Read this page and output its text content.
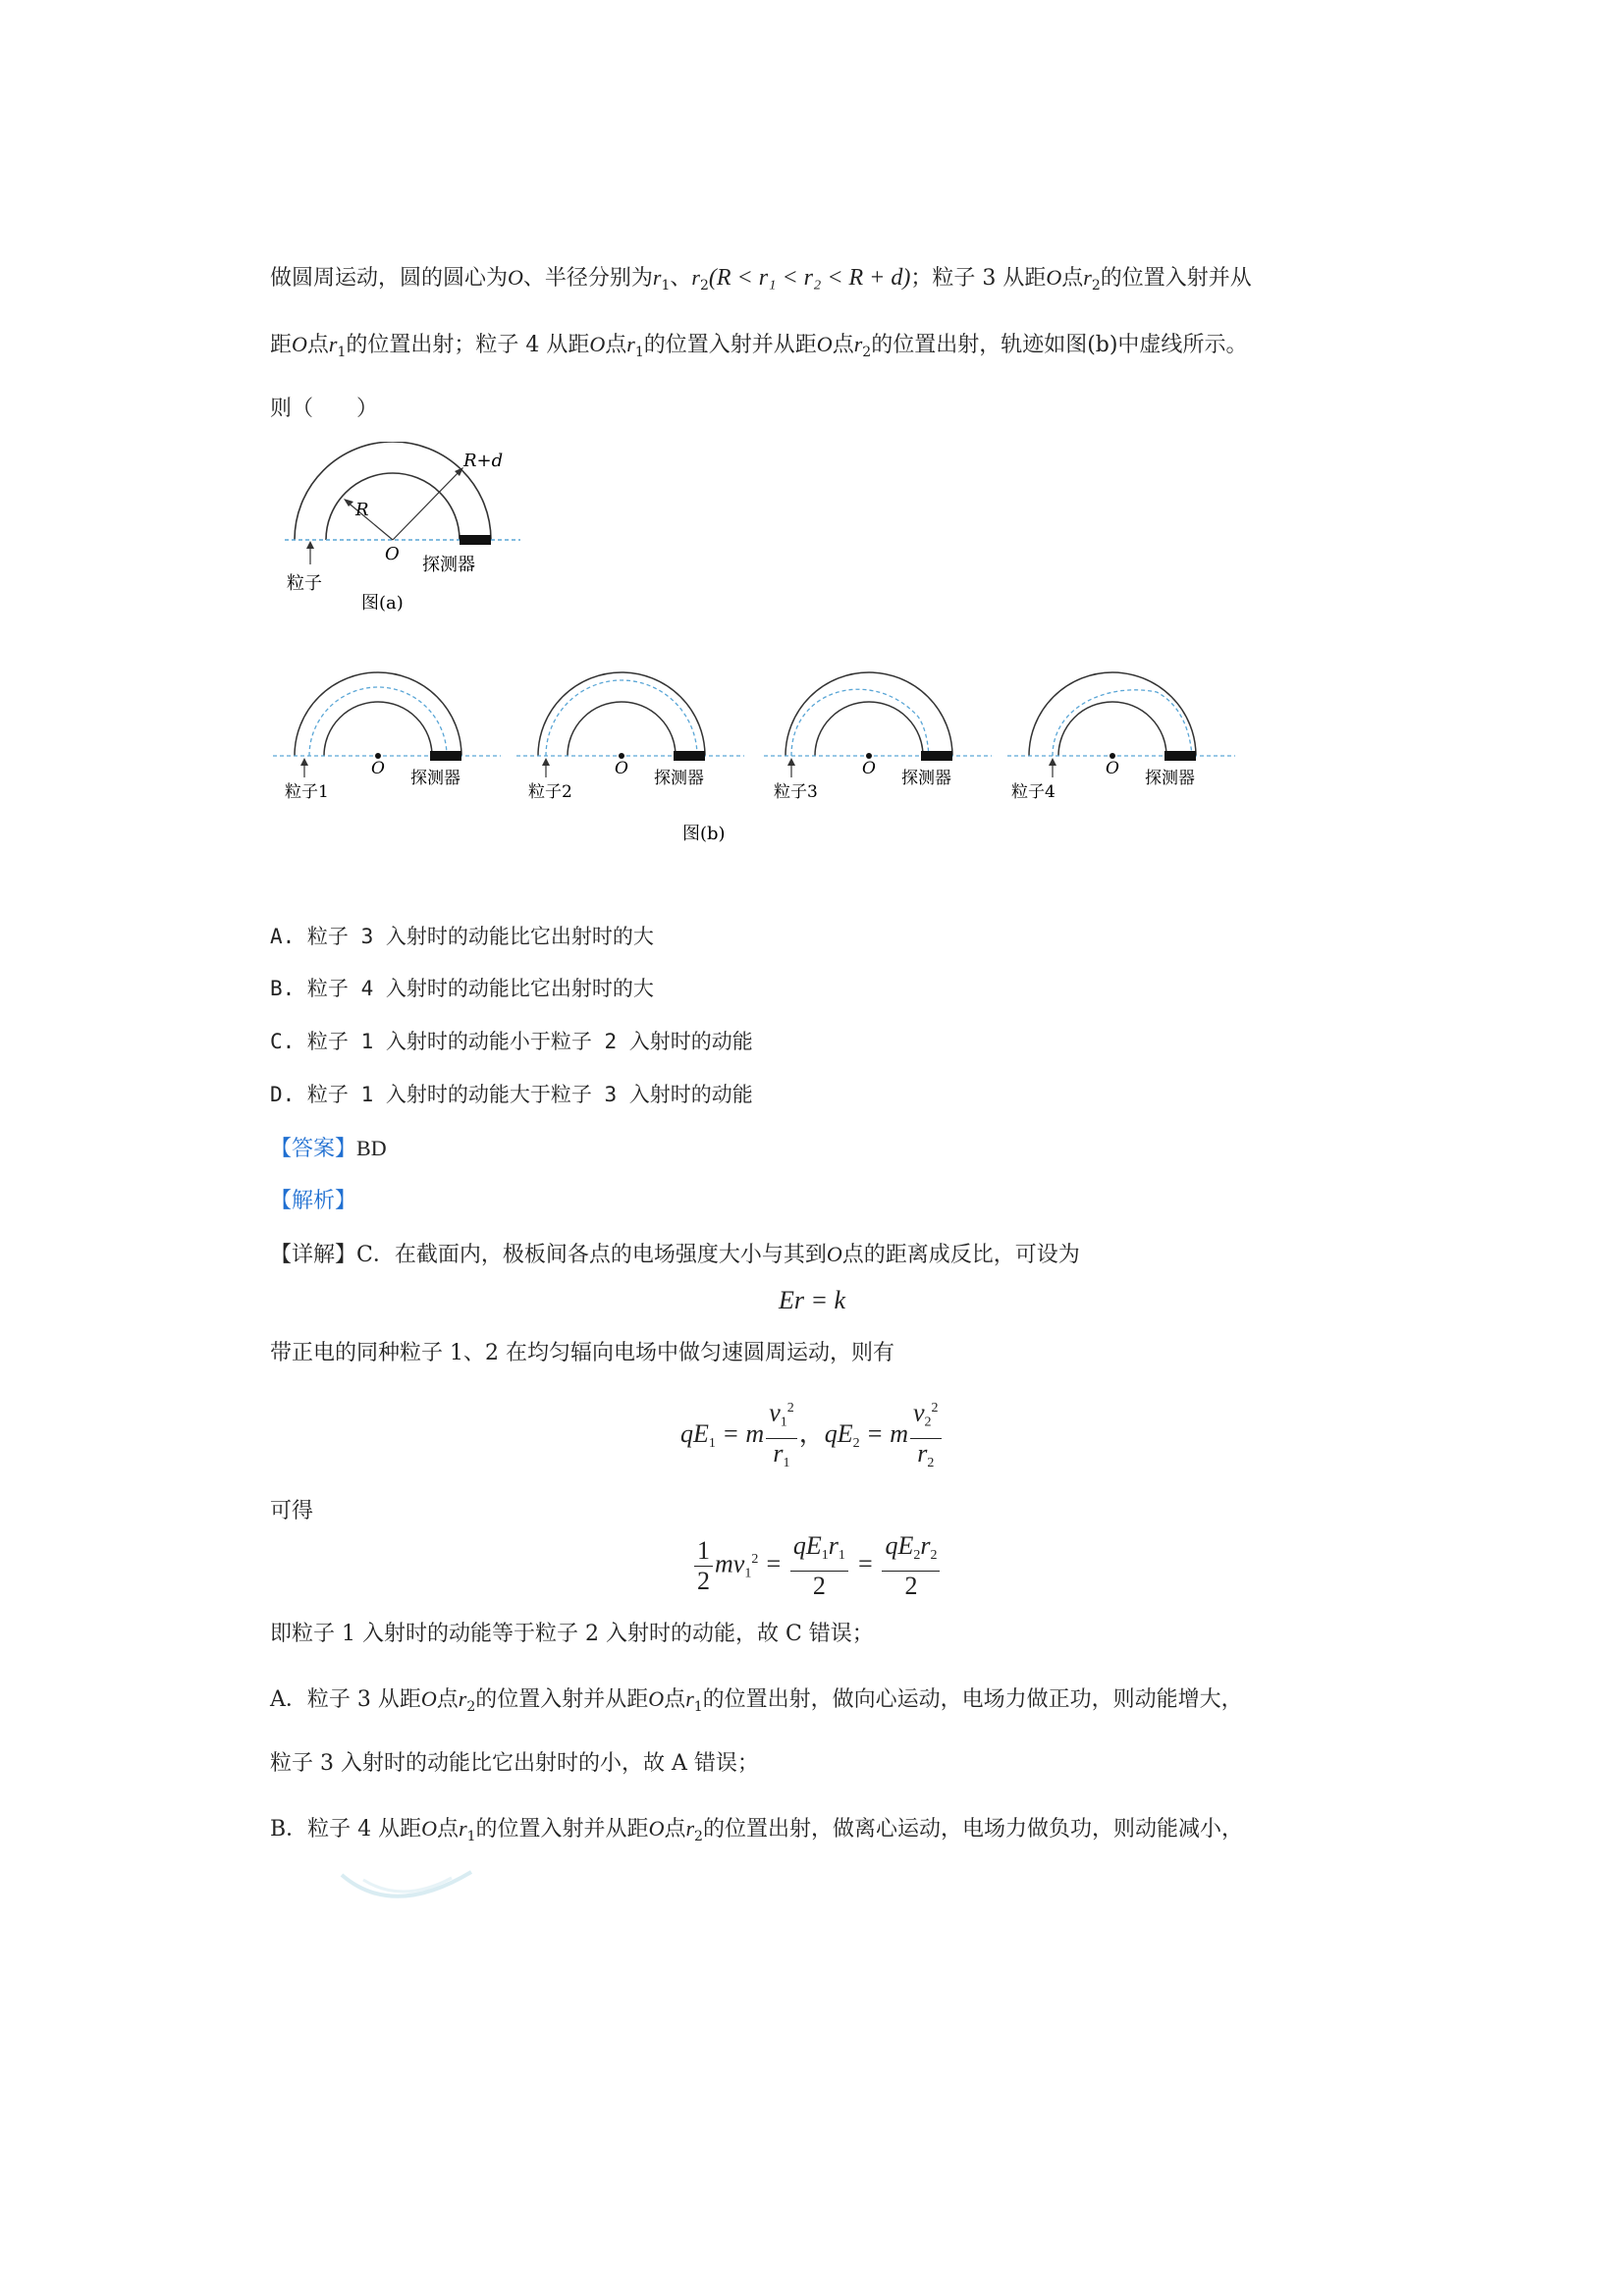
做圆周运动，圆的圆心为O、半径分别为$r_1$、$r_2(R < r_1 < r_2 < R + d)$；粒子 3 从距O点$r_2$的位置入射并从
距O点$r_1$的位置出射；粒子 4 从距O点$r_1$的位置入射并从距O点$r_2$的位置出射，轨迹如图(b)中虚线所示。
则（　　）
R
R+d
O
粒子
探测器
图(a)
O
粒子1
探测器	O
粒子2
探测器	O
粒子3
探测器	O
粒子4
探测器
图(b)
A. 粒子 3 入射时的动能比它出射时的大
B. 粒子 4 入射时的动能比它出射时的大
C. 粒子 1 入射时的动能小于粒子 2 入射时的动能
D. 粒子 1 入射时的动能大于粒子 3 入射时的动能
【答案】BD
【解析】
【详解】C．在截面内，极板间各点的电场强度大小与其到O点的距离成反比，可设为
Er = k
带正电的同种粒子 1、2 在均匀辐向电场中做匀速圆周运动，则有
$qE_1 = m \frac{v_1^2}{r_1}$ ，$qE_2 = m \frac{v_2^2}{r_2}$
可得
$\frac{1}{2} mv_1^2 = \frac{qE_1r_1}{2} = \frac{qE_2r_2}{2}$
即粒子 1 入射时的动能等于粒子 2 入射时的动能，故 C 错误；
A．粒子 3 从距O点$r_2$的位置入射并从距O点$r_1$的位置出射，做向心运动，电场力做正功，则动能增大，
粒子 3 入射时的动能比它出射时的小，故 A 错误；
B．粒子 4 从距O点$r_1$的位置入射并从距O点$r_2$的位置出射，做离心运动，电场力做负功，则动能减小，
